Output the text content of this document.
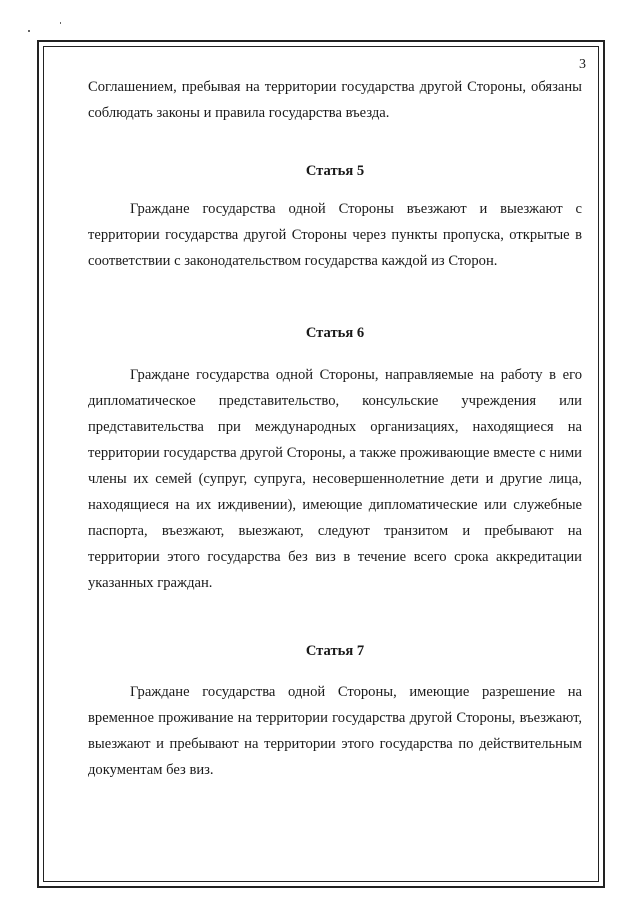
3

Соглашением, пребывая на территории государства другой Стороны, обязаны соблюдать законы и правила государства въезда.

Статья 5

Граждане государства одной Стороны въезжают и выезжают с территории государства другой Стороны через пункты пропуска, открытые в соответствии с законодательством государства каждой из Сторон.

Статья 6

Граждане государства одной Стороны, направляемые на работу в его дипломатическое представительство, консульские учреждения или представительства при международных организациях, находящиеся на территории государства другой Стороны, а также проживающие вместе с ними члены их семей (супруг, супруга, несовершеннолетние дети и другие лица, находящиеся на их иждивении), имеющие дипломатические или служебные паспорта, въезжают, выезжают, следуют транзитом и пребывают на территории этого государства без виз в течение всего срока аккредитации указанных граждан.

Статья 7

Граждане государства одной Стороны, имеющие разрешение на временное проживание на территории государства другой Стороны, въезжают, выезжают и пребывают на территории этого государства по действительным документам без виз.
